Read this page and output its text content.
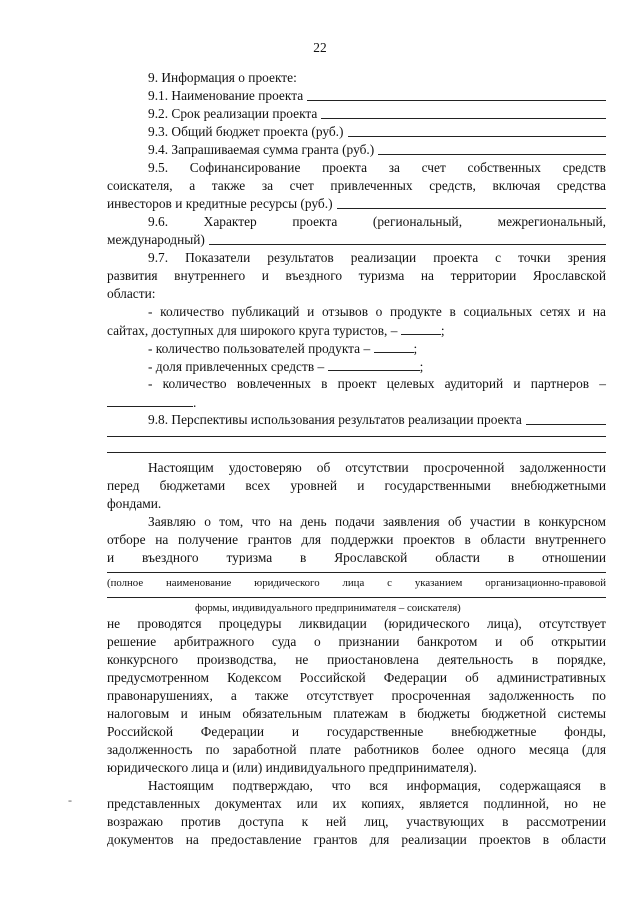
22
9. Информация о проекте:
9.1. Наименование проекта
9.2. Срок реализации проекта
9.3. Общий бюджет проекта (руб.)
9.4. Запрашиваемая сумма гранта (руб.)
9.5. Софинансирование проекта за счет собственных средств
соискателя, а также за счет привлеченных средств, включая средства
инвесторов и кредитные ресурсы (руб.)
9.6. Характер проекта (региональный, межрегиональный,
международный)
9.7. Показатели результатов реализации проекта с точки зрения
развития внутреннего и въездного туризма на территории Ярославской
области:
- количество публикаций и отзывов о продукте в социальных сетях и на
сайтах, доступных для широкого круга туристов, –	;
- количество пользователей продукта –	;
- доля привлеченных средств –	;
- количество вовлеченных в проект целевых аудиторий и партнеров –
.
9.8. Перспективы использования результатов реализации проекта
Настоящим удостоверяю об отсутствии просроченной задолженности
перед бюджетами всех уровней и государственными внебюджетными
фондами.
Заявляю о том, что на день подачи заявления об участии в конкурсном
отборе на получение грантов для поддержки проектов в области внутреннего
и въездного туризма в Ярославской области в отношении
(полное наименование юридического лица с указанием организационно-правовой
формы, индивидуального предпринимателя – соискателя)
не проводятся процедуры ликвидации (юридического лица), отсутствует
решение арбитражного суда о признании банкротом и об открытии
конкурсного производства, не приостановлена деятельность в порядке,
предусмотренном Кодексом Российской Федерации об административных
правонарушениях, а также отсутствует просроченная задолженность по
налоговым и иным обязательным платежам в бюджеты бюджетной системы
Российской Федерации и государственные внебюджетные фонды,
задолженность по заработной плате работников более одного месяца (для
юридического лица и (или) индивидуального предпринимателя).
Настоящим подтверждаю, что вся информация, содержащаяся в
-	представленных документах или их копиях, является подлинной, но не
возражаю против доступа к ней лиц, участвующих в рассмотрении
документов на предоставление грантов для реализации проектов в области
